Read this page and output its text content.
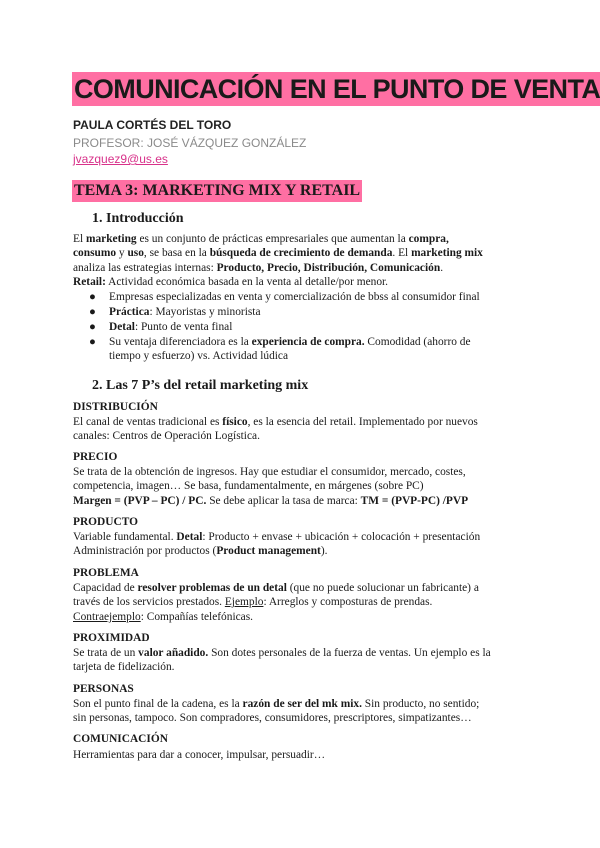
COMUNICACIÓN EN EL PUNTO DE VENTA
PAULA CORTÉS DEL TORO
PROFESOR: JOSÉ VÁZQUEZ GONZÁLEZ
jvazquez9@us.es
TEMA 3: MARKETING MIX Y RETAIL
1. Introducción
El marketing es un conjunto de prácticas empresariales que aumentan la compra,
consumo y uso, se basa en la búsqueda de crecimiento de demanda. El marketing mix
analiza las estrategias internas: Producto, Precio, Distribución, Comunicación.
Retail: Actividad económica basada en la venta al detalle/por menor.
● Empresas especializadas en venta y comercialización de bbss al consumidor final
● Práctica: Mayoristas y minorista
● Detal: Punto de venta final
● Su ventaja diferenciadora es la experiencia de compra. Comodidad (ahorro de
tiempo y esfuerzo) vs. Actividad lúdica
2. Las 7 P’s del retail marketing mix
DISTRIBUCIÓN
El canal de ventas tradicional es físico, es la esencia del retail. Implementado por nuevos
canales: Centros de Operación Logística.
PRECIO
Se trata de la obtención de ingresos. Hay que estudiar el consumidor, mercado, costes,
competencia, imagen… Se basa, fundamentalmente, en márgenes (sobre PC)
Margen = (PVP – PC) / PC. Se debe aplicar la tasa de marca: TM = (PVP-PC) /PVP
PRODUCTO
Variable fundamental. Detal: Producto + envase + ubicación + colocación + presentación
Administración por productos (Product management).
PROBLEMA
Capacidad de resolver problemas de un detal (que no puede solucionar un fabricante) a
través de los servicios prestados. Ejemplo: Arreglos y composturas de prendas.
Contraejemplo: Compañías telefónicas.
PROXIMIDAD
Se trata de un valor añadido. Son dotes personales de la fuerza de ventas. Un ejemplo es la
tarjeta de fidelización.
PERSONAS
Son el punto final de la cadena, es la razón de ser del mk mix. Sin producto, no sentido;
sin personas, tampoco. Son compradores, consumidores, prescriptores, simpatizantes…
COMUNICACIÓN
Herramientas para dar a conocer, impulsar, persuadir…
